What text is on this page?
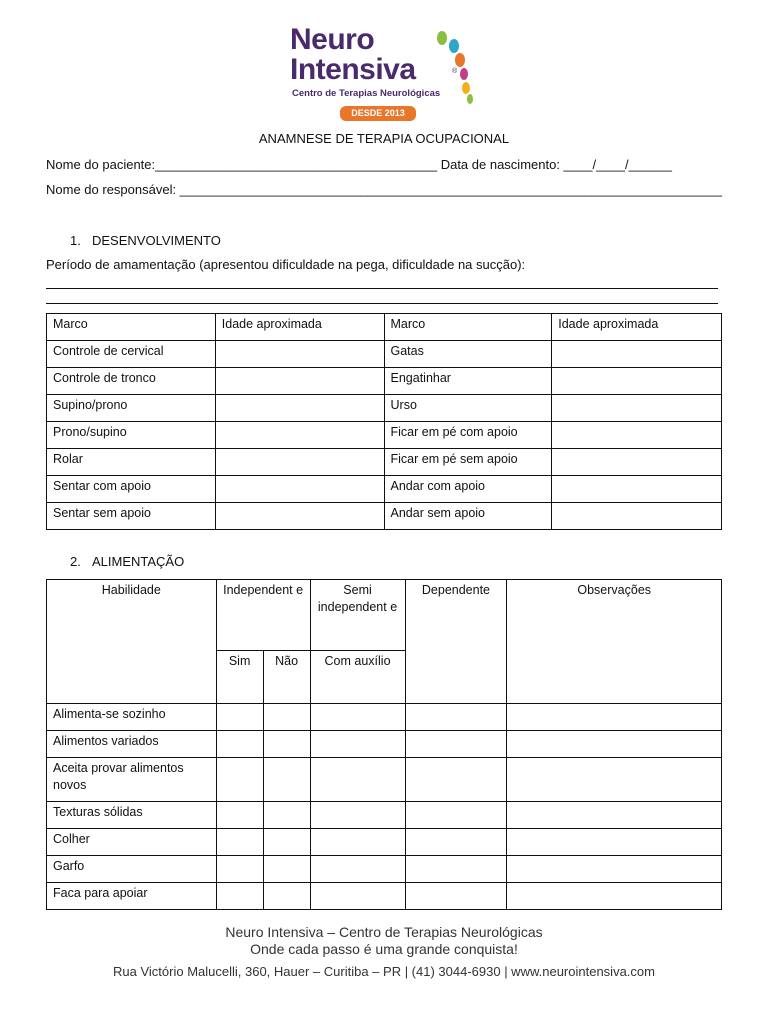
Neuro
Intensiva	®
Centro de Terapias Neurológicas
DESDE 2013
ANAMNESE DE TERAPIA OCUPACIONAL
Nome do paciente:_______________________________________ Data de nascimento: ____/____/______
Nome do responsável: ___________________________________________________________________________
1. DESENVOLVIMENTO
Período de amamentação (apresentou dificuldade na pega, dificuldade na sucção):
Marco	Idade aproximada	Marco	Idade aproximada
Controle de cervical		Gatas	
Controle de tronco		Engatinhar	
Supino/prono		Urso	
Prono/supino		Ficar em pé com apoio	
Rolar		Ficar em pé sem apoio	
Sentar com apoio		Andar com apoio	
Sentar sem apoio		Andar sem apoio	
2. ALIMENTAÇÃO
Habilidade	Independent e		Semi independent e	Dependente	Observações
	Sim	Não	Com auxílio		
Alimenta-se sozinho					
Alimentos variados					
Aceita provar alimentos novos					
Texturas sólidas					
Colher					
Garfo					
Faca para apoiar					
Neuro Intensiva – Centro de Terapias Neurológicas
Onde cada passo é uma grande conquista!
Rua Victório Malucelli, 360, Hauer – Curitiba – PR | (41) 3044-6930 | www.neurointensiva.com
